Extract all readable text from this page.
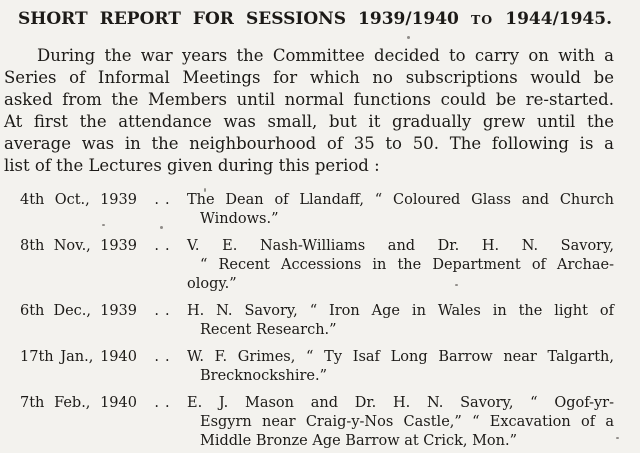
SHORT REPORT FOR SESSIONS 1939/1940 TO 1944/1945.
During the war years the Committee decided to carry on with a
Series of Informal Meetings for which no subscriptions would be
asked from the Members until normal functions could be re-started.
At first the attendance was small, but it gradually grew until the
average was in the neighbourhood of 35 to 50. The following is a
list of the Lectures given during this period :
4th Oct., 1939	.. The Dean of Llandaff, “ Coloured Glass and Church
Windows.”
8th Nov., 1939	.. V. E. Nash-Williams and Dr. H. N. Savory,
“ Recent Accessions in the Department of Archae-
ology.”
6th Dec., 1939	.. H. N. Savory, “ Iron Age in Wales in the light of
Recent Research.”
17th Jan., 1940	.. W. F. Grimes, “ Ty Isaf Long Barrow near Talgarth,
Brecknockshire.”
7th Feb., 1940	.. E. J. Mason and Dr. H. N. Savory, “ Ogof-yr-
Esgyrn near Craig-y-Nos Castle,” “ Excavation of a
Middle Bronze Age Barrow at Crick, Mon.”
